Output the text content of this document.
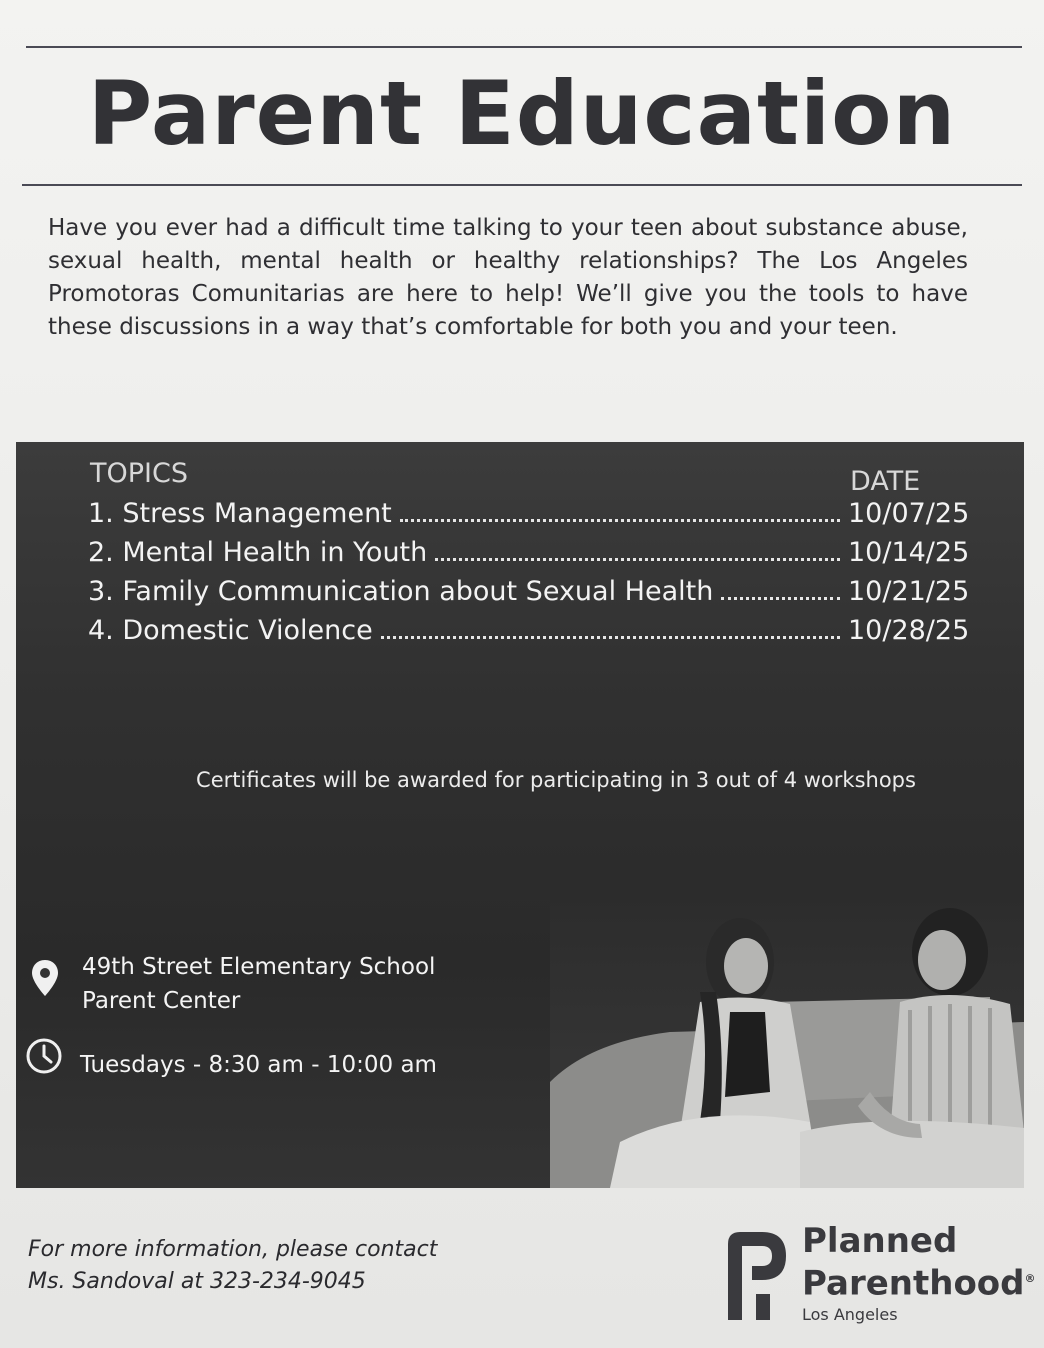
Parent Education
Have you ever had a difficult time talking to your teen about substance abuse, sexual health, mental health or healthy relationships? The Los Angeles Promotoras Comunitarias are here to help! We’ll give you the tools to have these discussions in a way that’s comfortable for both you and your teen.
TOPICS	DATE
1. Stress Management	10/07/25
2. Mental Health in Youth	10/14/25
3. Family Communication about Sexual Health	10/21/25
4. Domestic Violence	10/28/25
Certificates will be awarded for participating in 3 out of 4 workshops
49th Street Elementary School
Parent Center
Tuesdays - 8:30 am - 10:00 am
For more information, please contact
Ms. Sandoval at 323-234-9045
Planned
Parenthood®
Los Angeles
